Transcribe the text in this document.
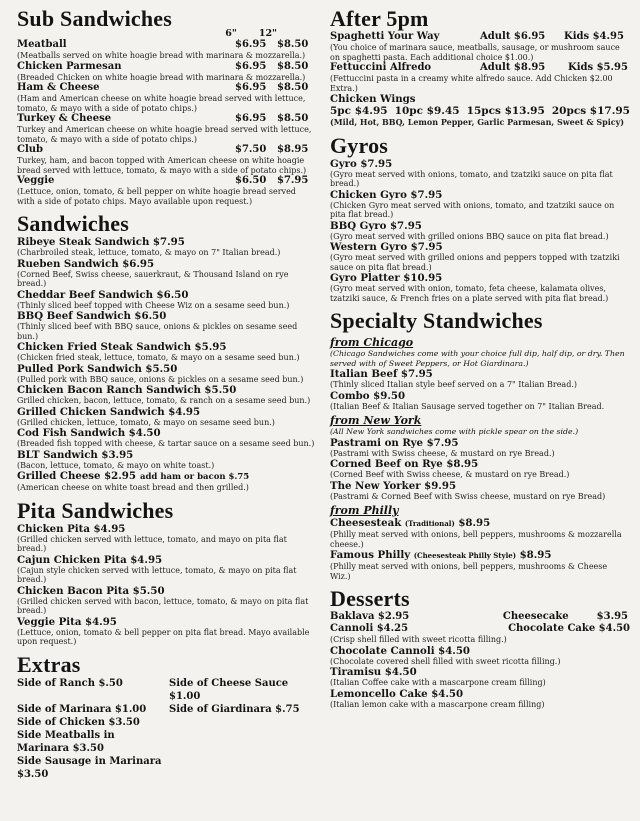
Sub Sandwiches
6" 12"
Meatball	$6.95	$8.50
(Meatballs served on white hoagie bread with marinara & mozzarella.)
Chicken Parmesan	$6.95	$8.50
(Breaded Chicken on white hoagie bread with marinara & mozzarella.)
Ham & Cheese	$6.95	$8.50
(Ham and American cheese on white hoagie bread served with lettuce, tomato, & mayo with a side of potato chips.)
Turkey & Cheese	$6.95	$8.50
Turkey and American cheese on white hoagie bread served with lettuce, tomato, & mayo with a side of potato chips.)
Club	$7.50	$8.95
Turkey, ham, and bacon topped with American cheese on white hoagie bread served with lettuce, tomato, & mayo with a side of potato chips.)
Veggie	$6.50	$7.95
(Lettuce, onion, tomato, & bell pepper on white hoagie bread served with a side of potato chips. Mayo available upon request.)
Sandwiches
Ribeye Steak Sandwich $7.95
(Charbroiled steak, lettuce, tomato, & mayo on 7" Italian bread.)
Rueben Sandwich $6.95
(Corned Beef, Swiss cheese, sauerkraut, & Thousand Island on rye bread.)
Cheddar Beef Sandwich $6.50
(Thinly sliced beef topped with Cheese Wiz on a sesame seed bun.)
BBQ Beef Sandwich $6.50
(Thinly sliced beef with BBQ sauce, onions & pickles on sesame seed bun.)
Chicken Fried Steak Sandwich $5.95
(Chicken fried steak, lettuce, tomato, & mayo on a sesame seed bun.)
Pulled Pork Sandwich $5.50
(Pulled pork with BBQ sauce, onions & pickles on a sesame seed bun.)
Chicken Bacon Ranch Sandwich $5.50
Grilled chicken, bacon, lettuce, tomato, & ranch on a sesame seed bun.)
Grilled Chicken Sandwich $4.95
(Grilled chicken, lettuce, tomato, & mayo on sesame seed bun.)
Cod Fish Sandwich $4.50
(Breaded fish topped with cheese, & tartar sauce on a sesame seed bun.)
BLT Sandwich $3.95
(Bacon, lettuce, tomato, & mayo on white toast.)
Grilled Cheese $2.95 add ham or bacon $.75
(American cheese on white toast bread and then grilled.)
Pita Sandwiches
Chicken Pita $4.95
(Grilled chicken served with lettuce, tomato, and mayo on pita flat bread.)
Cajun Chicken Pita $4.95
(Cajun style chicken served with lettuce, tomato, & mayo on pita flat bread.)
Chicken Bacon Pita $5.50
(Grilled chicken served with bacon, lettuce, tomato, & mayo on pita flat bread.)
Veggie Pita $4.95
(Lettuce, onion, tomato & bell pepper on pita flat bread. Mayo available upon request.)
Extras
Side of Ranch $.50	Side of Cheese Sauce $1.00
Side of Marinara $1.00	Side of Giardinara $.75
Side of Chicken $3.50
Side Meatballs in Marinara $3.50
Side Sausage in Marinara $3.50
After 5pm
Spaghetti Your Way	Adult $6.95	Kids $4.95
(You choice of marinara sauce, meatballs, sausage, or mushroom sauce on spaghetti pasta. Each additional choice $1.00.)
Fettuccini Alfredo	Adult $8.95	Kids $5.95
(Fettuccini pasta in a creamy white alfredo sauce. Add Chicken $2.00 Extra.)
Chicken Wings
5pc $4.95 10pc $9.45 15pcs $13.95 20pcs $17.95
(Mild, Hot, BBQ, Lemon Pepper, Garlic Parmesan, Sweet & Spicy)
Gyros
Gyro $7.95
(Gyro meat served with onions, tomato, and tzatziki sauce on pita flat bread.)
Chicken Gyro $7.95
(Chicken Gyro meat served with onions, tomato, and tzatziki sauce on pita flat bread.)
BBQ Gyro $7.95
(Gyro meat served with grilled onions BBQ sauce on pita flat bread.)
Western Gyro $7.95
(Gyro meat served with grilled onions and peppers topped with tzatziki sauce on pita flat bread.)
Gyro Platter $10.95
(Gyro meat served with onion, tomato, feta cheese, kalamata olives, tzatziki sauce, & French fries on a plate served with pita flat bread.)
Specialty Standwiches
from Chicago
(Chicago Sandwiches come with your choice full dip, half dip, or dry. Then served with of Sweet Peppers, or Hot Giardinara.)
Italian Beef $7.95
(Thinly sliced Italian style beef served on a 7" Italian Bread.)
Combo $9.50
(Italian Beef & Italian Sausage served together on 7" Italian Bread.
from New York
(All New York sandwiches come with pickle spear on the side.)
Pastrami on Rye $7.95
(Pastrami with Swiss cheese, & mustard on rye Bread.)
Corned Beef on Rye $8.95
(Corned Beef with Swiss cheese, & mustard on rye Bread.)
The New Yorker $9.95
(Pastrami & Corned Beef with Swiss cheese, mustard on rye Bread)
from Philly
Cheesesteak (Traditional) $8.95
(Philly meat served with onions, bell peppers, mushrooms & mozzarella cheese.)
Famous Philly (Cheesesteak Philly Style) $8.95
(Philly meat served with onions, bell peppers, mushrooms & Cheese Wiz.)
Desserts
Baklava $2.95	Cheesecake	$3.95
Cannoli $4.25	Chocolate Cake $4.50
(Crisp shell filled with sweet ricotta filling.)
Chocolate Cannoli $4.50
(Chocolate covered shell filled with sweet ricotta filling.)
Tiramisu $4.50
(Italian Coffee cake with a mascarpone cream filling)
Lemoncello Cake $4.50
(Italian lemon cake with a mascarpone cream filling)
